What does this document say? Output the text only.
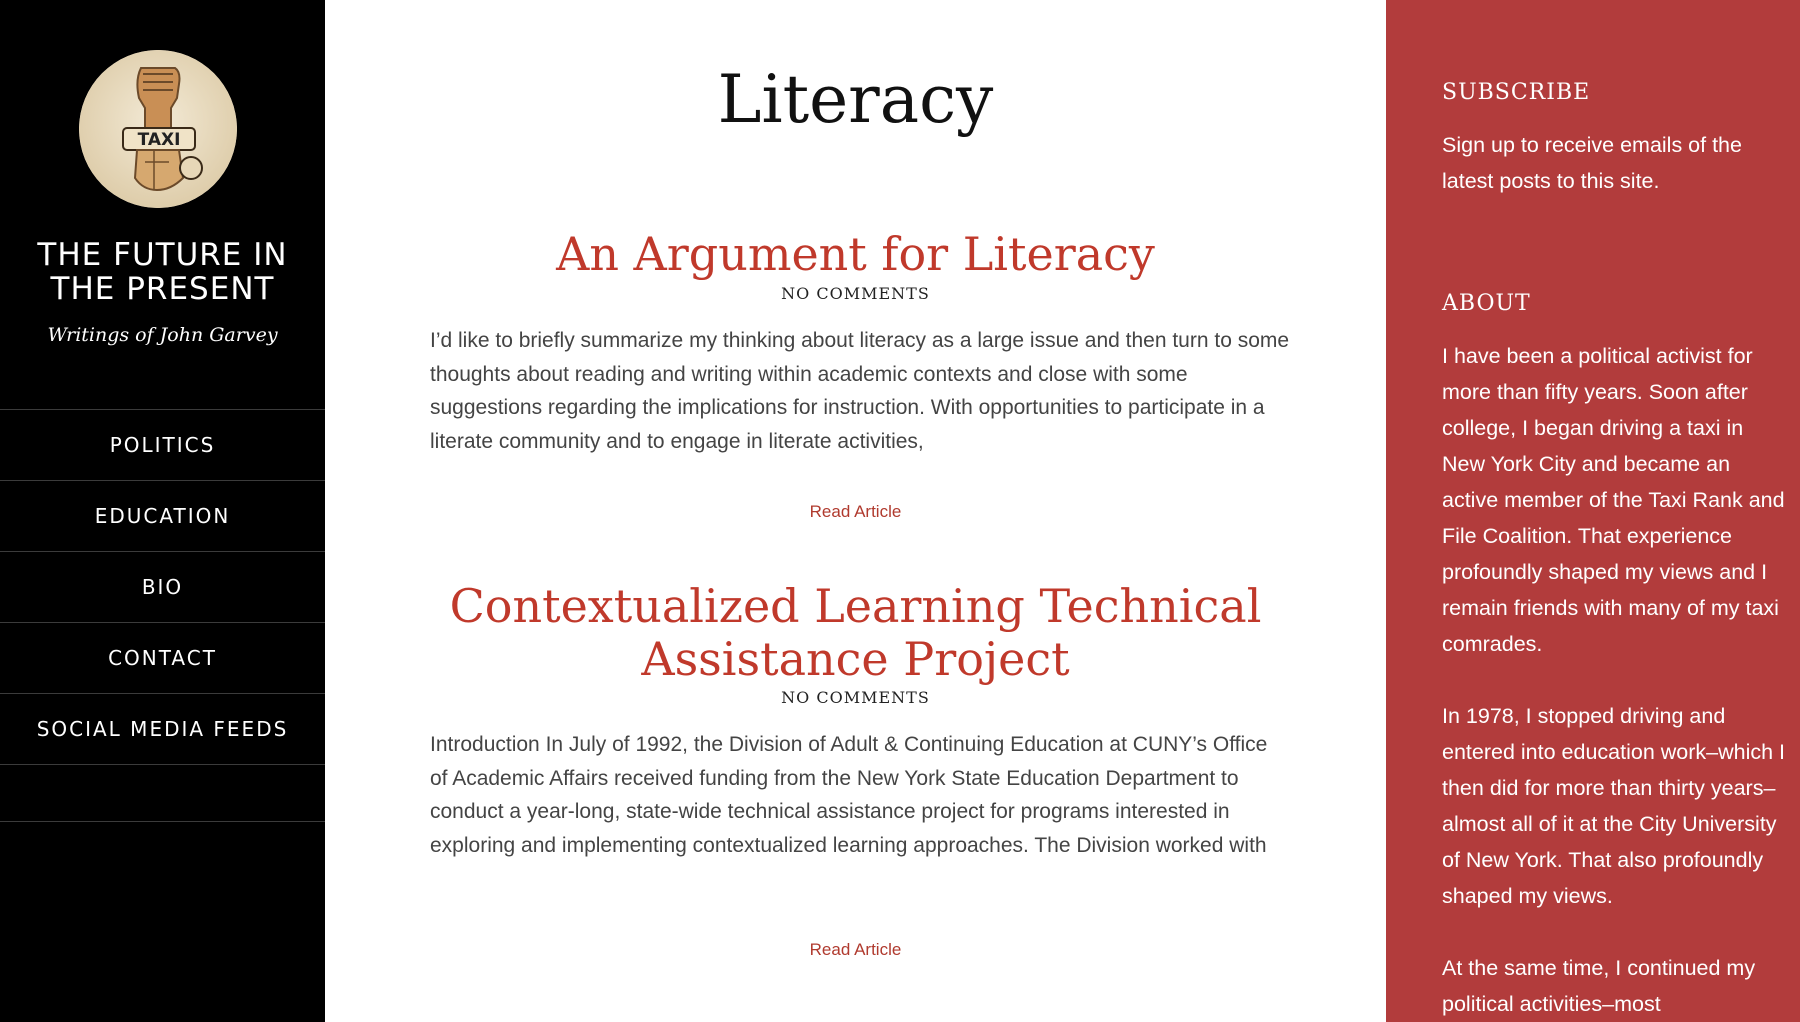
TAXI
THE FUTURE IN THE PRESENT
Writings of John Garvey
POLITICS
EDUCATION
BIO
CONTACT
SOCIAL MEDIA FEEDS
Literacy
An Argument for Literacy
NO COMMENTS

I’d like to briefly summarize my thinking about literacy as a large issue and then turn to some thoughts about reading and writing within academic contexts and close with some suggestions regarding the implications for instruction. With opportunities to participate in a literate community and to engage in literate activities,

Read Article
Contextualized Learning Technical Assistance Project
NO COMMENTS

Introduction In July of 1992, the Division of Adult & Continuing Education at CUNY’s Office of Academic Affairs received funding from the New York State Education Department to conduct a year-long, state-wide technical assistance project for programs interested in exploring and implementing contextualized learning approaches. The Division worked with

Read Article
SUBSCRIBE

Sign up to receive emails of the latest posts to this site.

ABOUT

I have been a political activist for more than fifty years. Soon after college, I began driving a taxi in New York City and became an active member of the Taxi Rank and File Coalition. That experience profoundly shaped my views and I remain friends with many of my taxi comrades.

In 1978, I stopped driving and entered into education work–which I then did for more than thirty years–almost all of it at the City University of New York. That also profoundly shaped my views.

At the same time, I continued my political activities–most
